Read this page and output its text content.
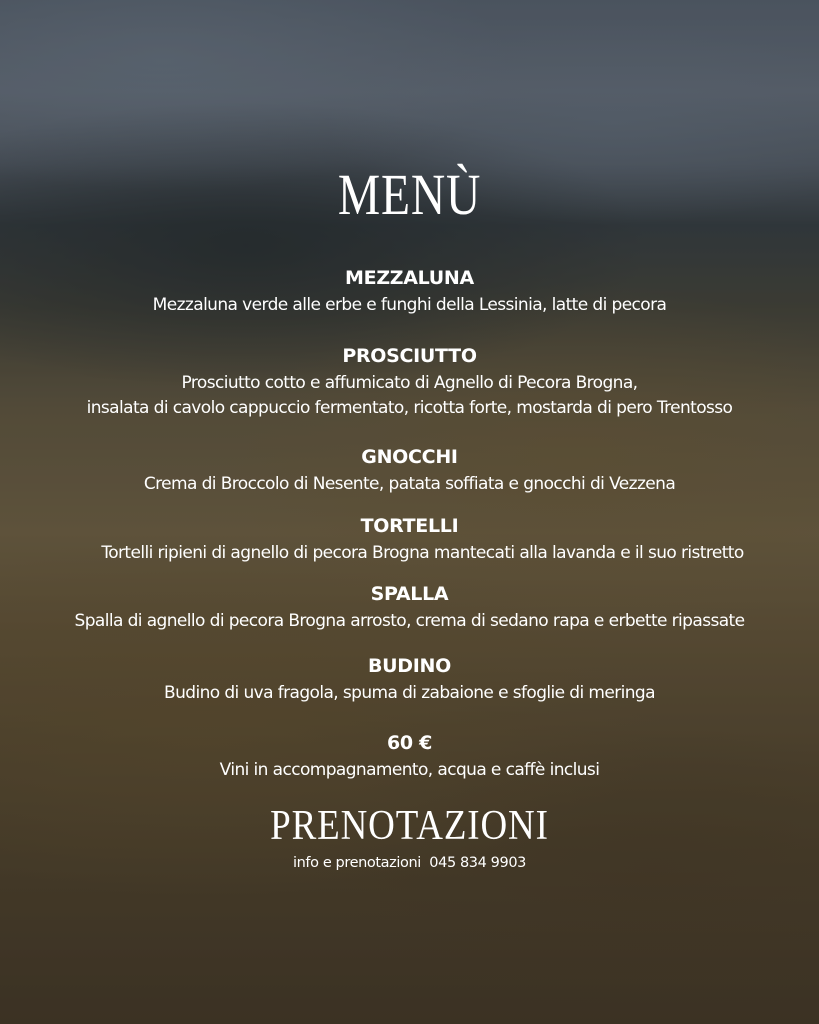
MENÙ
MEZZALUNA
Mezzaluna verde alle erbe e funghi della Lessinia, latte di pecora
PROSCIUTTO
Prosciutto cotto e affumicato di Agnello di Pecora Brogna,
insalata di cavolo cappuccio fermentato, ricotta forte, mostarda di pero Trentosso
GNOCCHI
Crema di Broccolo di Nesente, patata soffiata e gnocchi di Vezzena
TORTELLI
Tortelli ripieni di agnello di pecora Brogna mantecati alla lavanda e il suo ristretto
SPALLA
Spalla di agnello di pecora Brogna arrosto, crema di sedano rapa e erbette ripassate
BUDINO
Budino di uva fragola, spuma di zabaione e sfoglie di meringa
60 €
Vini in accompagnamento, acqua e caffè inclusi
PRENOTAZIONI
info e prenotazioni  045 834 9903
